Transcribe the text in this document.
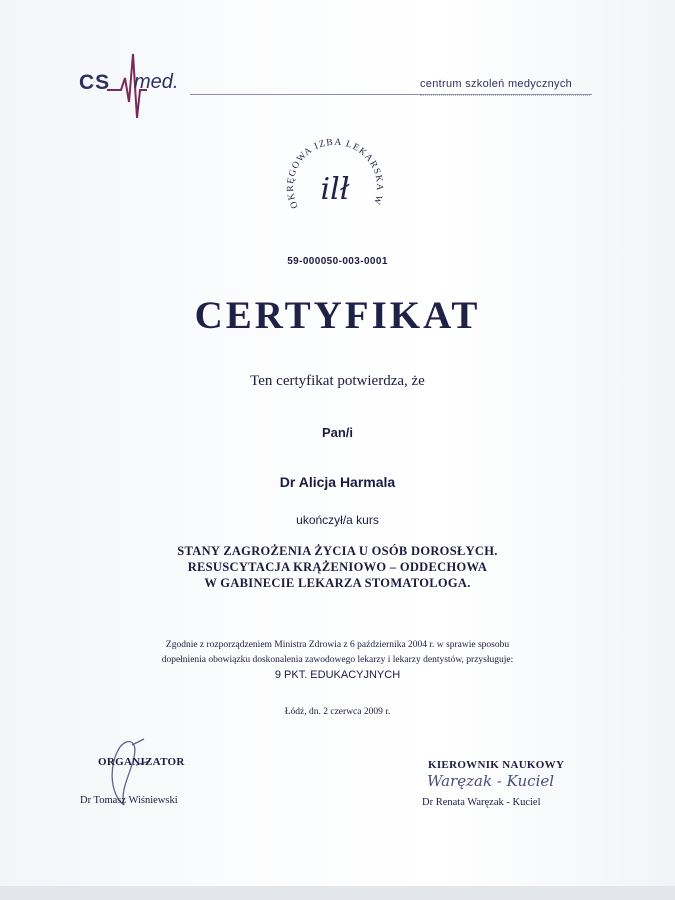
CS med.	centrum szkoleń medycznych
OKRĘGOWA IZBA LEKARSKA W
ilł
59-000050-003-0001
CERTYFIKAT
Ten certyfikat potwierdza, że
Pan/i
Dr Alicja Harmala
ukończył/a kurs
STANY ZAGROŻENIA ŻYCIA U OSÓB DOROSŁYCH.
RESUSCYTACJA KRĄŻENIOWO – ODDECHOWA
W GABINECIE LEKARZA STOMATOLOGA.
Zgodnie z rozporządzeniem Ministra Zdrowia z 6 października 2004 r. w sprawie sposobu
dopełnienia obowiązku doskonalenia zawodowego lekarzy i lekarzy dentystów, przysługuje:
9 PKT. EDUKACYJNYCH
Łódź, dn. 2 czerwca 2009 r.
ORGANIZATOR
Dr Tomasz Wiśniewski
KIEROWNIK NAUKOWY
Waręzak - Kuciel
Dr Renata Waręzak - Kuciel
